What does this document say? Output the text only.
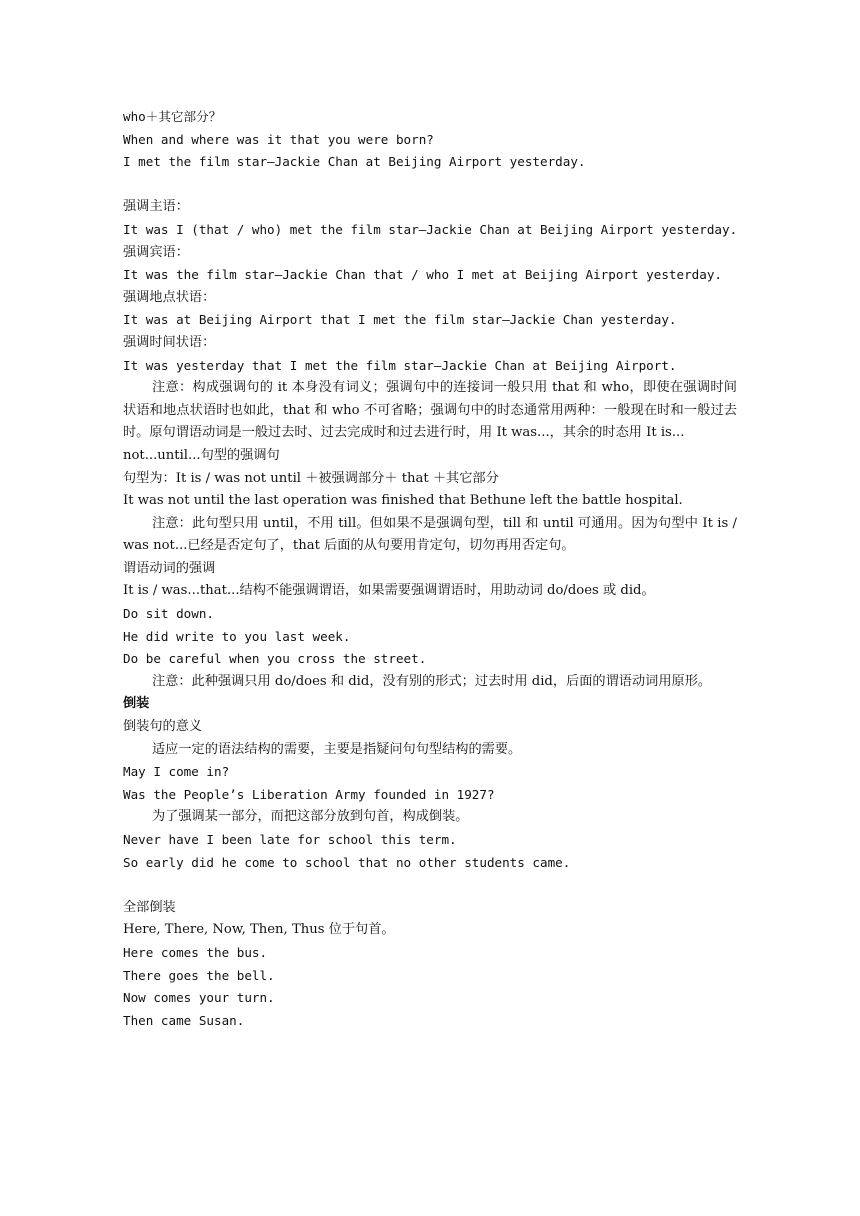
who＋其它部分？

When and where was it that you were born?

I met the film star—Jackie Chan at Beijing Airport yesterday.

强调主语：

It was I (that / who) met the film star—Jackie Chan at Beijing Airport yesterday.

强调宾语：

It was the film star—Jackie Chan that / who I met at Beijing Airport yesterday.

强调地点状语：

It was at Beijing Airport that I met the film star—Jackie Chan yesterday.

强调时间状语：

It was yesterday that I met the film star—Jackie Chan at Beijing Airport.

注意：构成强调句的 it 本身没有词义；强调句中的连接词一般只用 that 和 who，即使在强调时间状语和地点状语时也如此，that 和 who 不可省略；强调句中的时态通常用两种：一般现在时和一般过去时。原句谓语动词是一般过去时、过去完成时和过去进行时，用 It was...，其余的时态用 It is...

not...until...句型的强调句

句型为：It is / was not until ＋被强调部分＋ that ＋其它部分

It was not until the last operation was finished that Bethune left the battle hospital.

注意：此句型只用 until，不用 till。但如果不是强调句型，till 和 until 可通用。因为句型中 It is / was not...已经是否定句了，that 后面的从句要用肯定句，切勿再用否定句。

谓语动词的强调

It is / was...that...结构不能强调谓语，如果需要强调谓语时，用助动词 do/does 或 did。

Do sit down.

He did write to you last week.

Do be careful when you cross the street.

注意：此种强调只用 do/does 和 did，没有别的形式；过去时用 did，后面的谓语动词用原形。

倒装

倒装句的意义

适应一定的语法结构的需要，主要是指疑问句句型结构的需要。

May I come in?

Was the People’s Liberation Army founded in 1927?

为了强调某一部分，而把这部分放到句首，构成倒装。

Never have I been late for school this term.

So early did he come to school that no other students came.

全部倒装

Here, There, Now, Then, Thus 位于句首。

Here comes the bus.

There goes the bell.

Now comes your turn.

Then came Susan.
